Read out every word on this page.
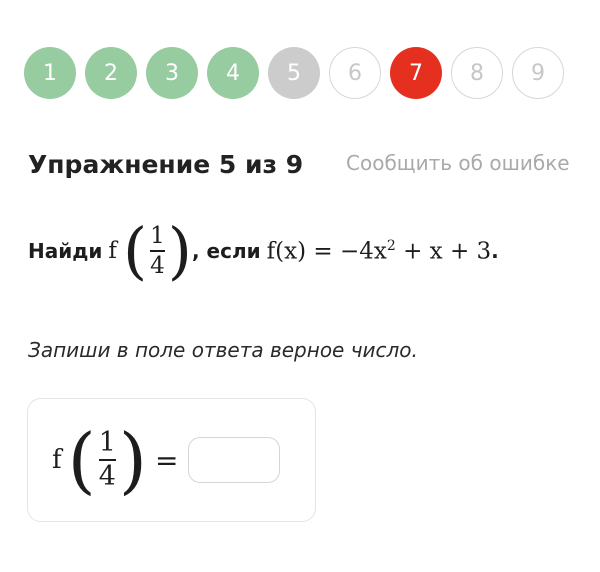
1	2	3	4	5	6	7	8	9
Упражнение 5 из 9 Сообщить об ошибке
Найди f ( $\frac{1}{4}$ ) , если $f(x) = -4x^2 + x + 3$ .
Запиши в поле ответа верное число.
f ( $\frac{1}{4}$ ) =
